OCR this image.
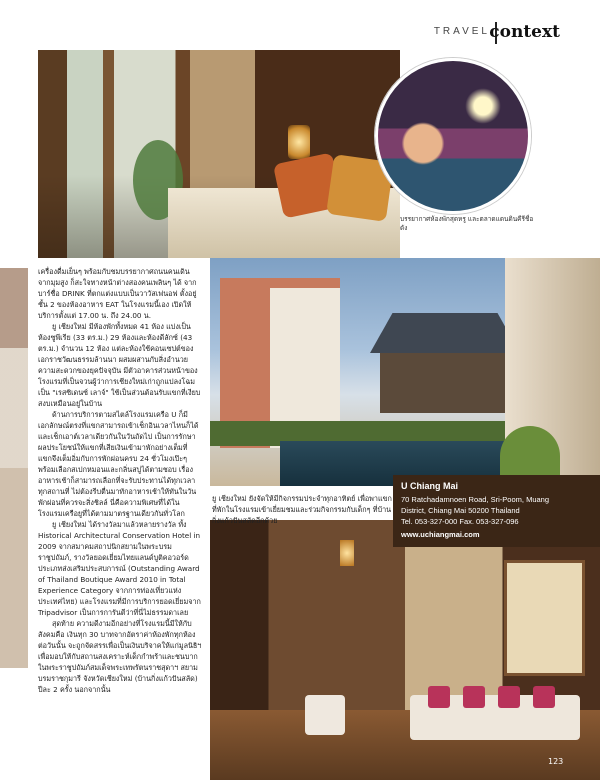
TRAVEL context
บรรยากาศห้องพักสุดหรู และตลาดแดนดินคีรีชื่อดัง
123

เครื่องดื่มเย็นๆ พร้อมกับชมบรรยากาศถนนคนเดิน จากมุมสูง ก็สะใจทางหน้าต่างสองคนเพลินๆ ได้ จากบาร์ชื่อ DRINK ที่ตกแต่งแบบเป็นวาวัสเฟนอฟ ตั้งอยู่ชั้น 2 ของห้องอาหาร EAT ในโรงแรมนี้เอง เปิดให้บริการตั้งแต่ 17.00 น. ถึง 24.00 น.

ยู เชียงใหม่ มีห้องพักทั้งหมด 41 ห้อง แบ่งเป็นห้องซูพีเรีย (33 ตร.ม.) 29 ห้องและห้องดีลักซ์ (43 ตร.ม.) จำนวน 12 ห้อง แต่ละห้องใช้คอนเซปต์ของเอกราชวัฒนธรรมล้านนา ผสมผสานกับสิ่งอำนวยความสะดวกของยุคปัจจุบัน มีตัวอาคารส่วนหน้าของโรงแรมที่เป็นจวนผู้ว่าการเชียงใหม่เก่าถูกแปลงโฉมเป็น "เรสซิเดนซ์ เลาจ์" ใช้เป็นส่วนต้อนรับแขกที่เงียบสงบเหมือนอยู่ในบ้าน

ด้านการบริการตามสไตล์โรงแรมเครือ U ก็มีเอกลักษณ์ตรงที่แขกสามารถเข้าเช็กอินเวลาไหนก็ได้ และเช็กเอาต์เวลาเดียวกันในวันถัดไป เป็นการรักษาผลประโยชน์ให้แขกที่เสียเงินเข้ามาพักอย่างเต็มที่ แขกจึงเต็มอิ่มกับการพักผ่อนครบ 24 ชั่วโมงเป๊ะๆ พร้อมเลือกสเปกหมอนและกลิ่นสบู่ได้ตามชอบ เรื่องอาหารเช้าก็สามารถเลือกที่จะรับประทานได้ทุกเวลา ทุกสถานที่ ไม่ต้องรีบตื่นมาทักอาหารเช้าให้ทันในวันพักผ่อนที่ควรจะสิ่งชิลล์ นี่คือความพิเศษที่ได้ในโรงแรมเครือยูที่ได้ตามมาตรฐานเดียวกันทั่วโลก

ยู เชียงใหม่ ได้รางวัลมาแล้วหลายรางวัล ทั้ง Historical Architectural Conservation Hotel in 2009 จากสมาคมสถาปนิกสยามในพระบรมราชูปถัมภ์, รางวัลยอดเยี่ยมไทยแลนด์บูติคอวอร์ด ประเภทส่งเสริมประสบการณ์ (Outstanding Award of Thailand Boutique Award 2010 in Total Experience Category จากการท่องเที่ยวแห่งประเทศไทย) และโรงแรมที่มีการบริการยอดเยี่ยมจาก Tripadvisor เป็นการการันตีว่าที่นี่ไม่ธรรมดาเลย

สุดท้าย ความดีงามอีกอย่างที่โรงแรมนี้มีให้กับสังคมคือ เงินทุก 30 บาทจากอัตราค่าห้องพักทุกห้องต่อวันนั้น จะถูกจัดสรรเพื่อเป็นเงินบริจาคให้แก่มูลนิธิฯ เพื่อมอบให้กับสถานสงเคราะห์เด็กกำพร้าและชนบาก ในพระราชูปถัมภ์สมเด็จพระเทพรัตนราชสุดาฯ สยามบรมราชกุมารี จังหวัดเชียงใหม่ (บ้านกิ่งแก้วปันสลัด) ปีละ 2 ครั้ง นอกจากนั้น

ยู เชียงใหม่ ยังจัดให้มีกิจกรรมประจำทุกอาทิตย์ เพื่อพาแขกที่พักในโรงแรมเข้าเยี่ยมชมและร่วมกิจกรรมกับเด็กๆ ที่บ้านกิ่งแก้วปันสลัดอีกด้วย
U Chiang Mai
70 Ratchadamnoen Road, Sri-Poom, Muang
District, Chiang Mai 50200 Thailand
Tel. 053-327-000 Fax. 053-327-096
www.uchiangmai.com
